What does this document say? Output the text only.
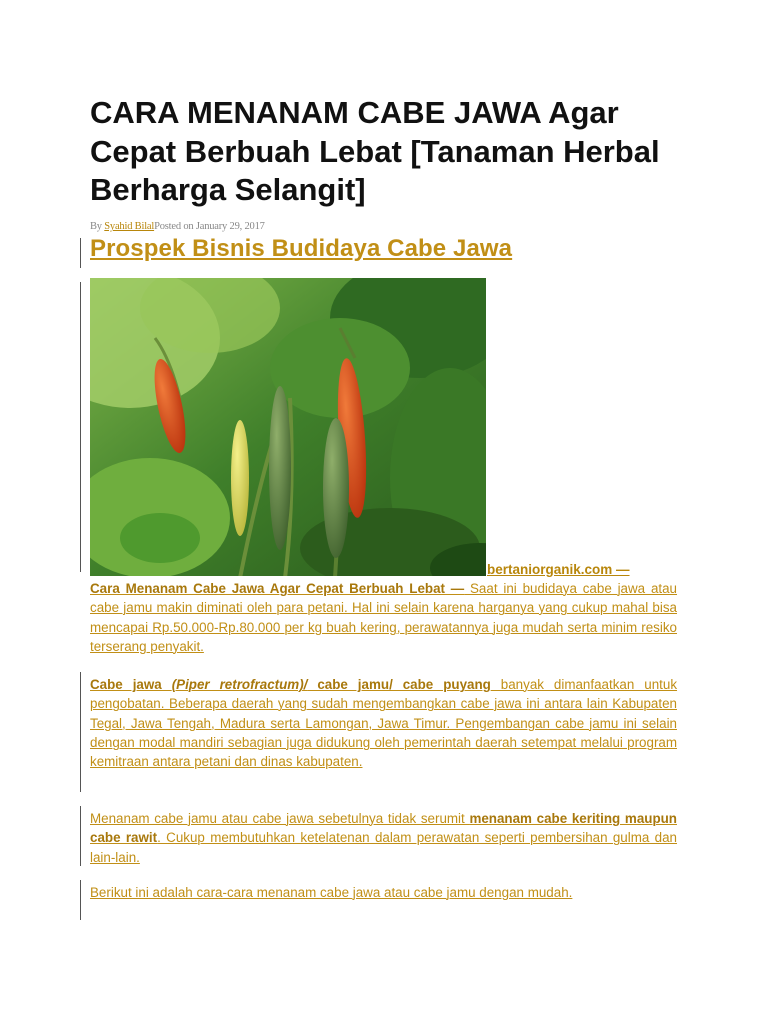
CARA MENANAM CABE JAWA Agar Cepat Berbuah Lebat [Tanaman Herbal Berharga Selangit]
By Syahid BilalPosted on January 29, 2017
Prospek Bisnis Budidaya Cabe Jawa
bertaniorganik.com —

Cara Menanam Cabe Jawa Agar Cepat Berbuah Lebat — Saat ini budidaya cabe jawa atau cabe jamu makin diminati oleh para petani. Hal ini selain karena harganya yang cukup mahal bisa mencapai Rp.50.000-Rp.80.000 per kg buah kering, perawatannya juga mudah serta minim resiko terserang penyakit.

Cabe jawa (Piper retrofractum)/ cabe jamu/ cabe puyang banyak dimanfaatkan untuk pengobatan. Beberapa daerah yang sudah mengembangkan cabe jawa ini antara lain Kabupaten Tegal, Jawa Tengah, Madura serta Lamongan, Jawa Timur. Pengembangan cabe jamu ini selain dengan modal mandiri sebagian juga didukung oleh pemerintah daerah setempat melalui program kemitraan antara petani dan dinas kabupaten.

Menanam cabe jamu atau cabe jawa sebetulnya tidak serumit menanam cabe keriting maupun cabe rawit. Cukup membutuhkan ketelatenan dalam perawatan seperti pembersihan gulma dan lain-lain.

Berikut ini adalah cara-cara menanam cabe jawa atau cabe jamu dengan mudah.
